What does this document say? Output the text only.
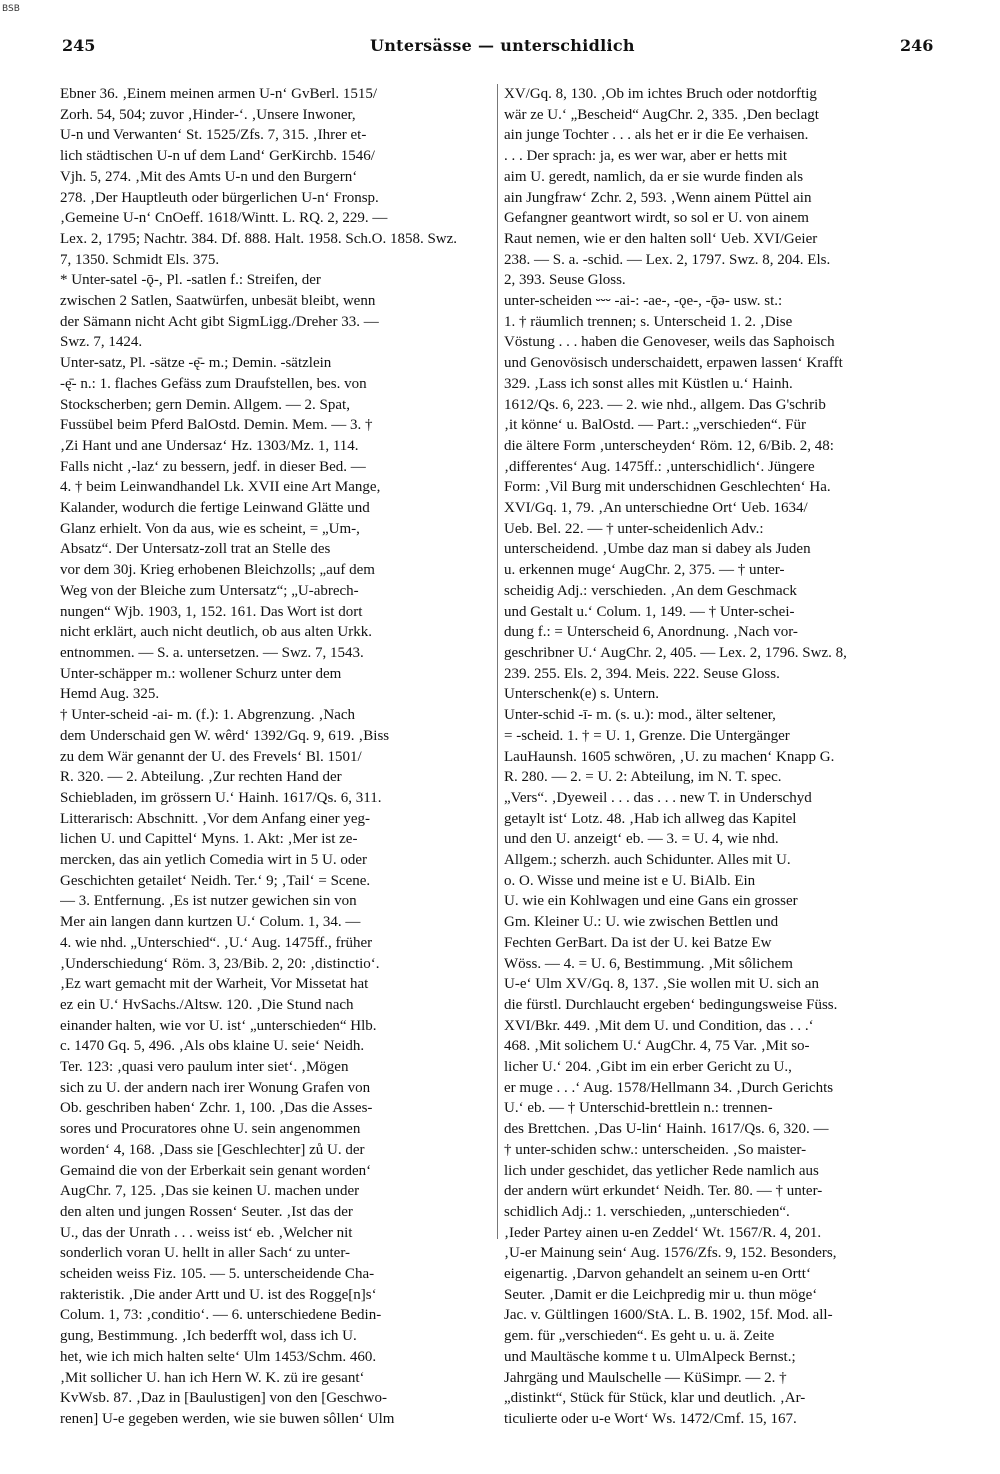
BSB
245	Untersässe — unterschidlich	246

Ebner 36. ‚Einem meinen armen U-n‘ GvBerl. 1515/
Zorh. 54, 504; zuvor ‚Hinder-‘. ‚Unsere Inwoner,
U-n und Verwanten‘ St. 1525/Zfs. 7, 315. ‚Ihrer et-
lich städtischen U-n uf dem Land‘ GerKirchb. 1546/
Vjh. 5, 274. ‚Mit des Amts U-n und den Burgern‘
278. ‚Der Hauptleuth oder bürgerlichen U-n‘ Fronsp.
‚Gemeine U-n‘ CnOeff. 1618/Wintt. L. RQ. 2, 229. —
Lex. 2, 1795; Nachtr. 384. Df. 888. Halt. 1958. Sch.O. 1858. Swz.
7, 1350. Schmidt Els. 375.
* Unter-satel -ǭ-, Pl. -satlen f.: Streifen, der
zwischen 2 Satlen, Saatwürfen, unbesät bleibt, wenn
der Sämann nicht Acht gibt SigmLigg./Dreher 33. —
Swz. 7, 1424.
Unter-satz, Pl. -sätze -ę̄- m.; Demin. -sätzlein
-ę̄- n.: 1. flaches Gefäss zum Draufstellen, bes. von
Stockscherben; gern Demin. Allgem. — 2. Spat,
Fussübel beim Pferd BalOstd. Demin. Mem. — 3. †
‚Zi Hant und ane Undersaz‘ Hz. 1303/Mz. 1, 114.
Falls nicht ‚-laz‘ zu bessern, jedf. in dieser Bed. —
4. † beim Leinwandhandel Lk. XVII eine Art Mange,
Kalander, wodurch die fertige Leinwand Glätte und
Glanz erhielt. Von da aus, wie es scheint, = „Um-,
Absatz“. Der Untersatz-zoll trat an Stelle des
vor dem 30j. Krieg erhobenen Bleichzolls; „auf dem
Weg von der Bleiche zum Untersatz“; „U-abrech-
nungen“ Wjb. 1903, 1, 152. 161. Das Wort ist dort
nicht erklärt, auch nicht deutlich, ob aus alten Urkk.
entnommen. — S. a. untersetzen. — Swz. 7, 1543.
Unter-schäpper m.: wollener Schurz unter dem
Hemd Aug. 325.
† Unter-scheid -ai- m. (f.): 1. Abgrenzung. ‚Nach
dem Underschaid gen W. wêrd‘ 1392/Gq. 9, 619. ‚Biss
zu dem Wär genannt der U. des Frevels‘ Bl. 1501/
R. 320. — 2. Abteilung. ‚Zur rechten Hand der
Schiebladen, im grössern U.‘ Hainh. 1617/Qs. 6, 311.
Litterarisch: Abschnitt. ‚Vor dem Anfang einer yeg-
lichen U. und Capittel‘ Myns. 1. Akt: ‚Mer ist ze-
mercken, das ain yetlich Comedia wirt in 5 U. oder
Geschichten getailet‘ Neidh. Ter.‘ 9; ‚Tail‘ = Scene.
— 3. Entfernung. ‚Es ist nutzer gewichen sin von
Mer ain langen dann kurtzen U.‘ Colum. 1, 34. —
4. wie nhd. „Unterschied“. ‚U.‘ Aug. 1475ff., früher
‚Underschiedung‘ Röm. 3, 23/Bib. 2, 20: ‚distinctio‘.
‚Ez wart gemacht mit der Warheit, Vor Missetat hat
ez ein U.‘ HvSachs./Altsw. 120. ‚Die Stund nach
einander halten, wie vor U. ist‘ „unterschieden“ Hlb.
c. 1470 Gq. 5, 496. ‚Als obs klaine U. seie‘ Neidh.
Ter. 123: ‚quasi vero paulum inter siet‘. ‚Mögen
sich zu U. der andern nach irer Wonung Grafen von
Ob. geschriben haben‘ Zchr. 1, 100. ‚Das die Asses-
sores und Procuratores ohne U. sein angenommen
worden‘ 4, 168. ‚Dass sie [Geschlechter] zů U. der
Gemaind die von der Erberkait sein genant worden‘
AugChr. 7, 125. ‚Das sie keinen U. machen under
den alten und jungen Rossen‘ Seuter. ‚Ist das der
U., das der Unrath . . . weiss ist‘ eb. ‚Welcher nit
sonderlich voran U. hellt in aller Sach‘ zu unter-
scheiden weiss Fiz. 105. — 5. unterscheidende Cha-
rakteristik. ‚Die ander Artt und U. ist des Rogge[n]s‘
Colum. 1, 73: ‚conditio‘. — 6. unterschiedene Bedin-
gung, Bestimmung. ‚Ich bederfft wol, dass ich U.
het, wie ich mich halten selte‘ Ulm 1453/Schm. 460.
‚Mit sollicher U. han ich Hern W. K. zü ire gesant‘
KvWsb. 87. ‚Daz in [Baulustigen] von den [Geschwo-
renen] U-e gegeben werden, wie sie buwen sôllen‘ Ulm

XV/Gq. 8, 130. ‚Ob im ichtes Bruch oder notdorftig
wär ze U.‘ „Bescheid“ AugChr. 2, 335. ‚Den beclagt
ain junge Tochter . . . als het er ir die Ee verhaisen.
. . . Der sprach: ja, es wer war, aber er hetts mit
aim U. geredt, namlich, da er sie wurde finden als
ain Jungfraw‘ Zchr. 2, 593. ‚Wenn ainem Püttel ain
Gefangner geantwort wirdt, so sol er U. von ainem
Raut nemen, wie er den halten soll‘ Ueb. XVI/Geier
238. — S. a. -schid. — Lex. 2, 1797. Swz. 8, 204. Els.
2, 393. Seuse Gloss.
unter-scheiden ⏑⏑⏑ -ai-: -ae-, -ǫe-, -ǭə- usw. st.:
1. † räumlich trennen; s. Unterscheid 1. 2. ‚Dise
Vöstung . . . haben die Genoveser, weils das Saphoisch
und Genovösisch underschaidett, erpawen lassen‘ Krafft
329. ‚Lass ich sonst alles mit Küstlen u.‘ Hainh.
1612/Qs. 6, 223. — 2. wie nhd., allgem. Das G'schrib
‚it könne‘ u. BalOstd. — Part.: „verschieden“. Für
die ältere Form ‚unterscheyden‘ Röm. 12, 6/Bib. 2, 48:
‚differentes‘ Aug. 1475ff.: ‚unterschidlich‘. Jüngere
Form: ‚Vil Burg mit underschidnen Geschlechten‘ Ha.
XVI/Gq. 1, 79. ‚An unterschiedne Ort‘ Ueb. 1634/
Ueb. Bel. 22. — † unter-scheidenlich Adv.:
unterscheidend. ‚Umbe daz man si dabey als Juden
u. erkennen muge‘ AugChr. 2, 375. — † unter-
scheidig Adj.: verschieden. ‚An dem Geschmack
und Gestalt u.‘ Colum. 1, 149. — † Unter-schei-
dung f.: = Unterscheid 6, Anordnung. ‚Nach vor-
geschribner U.‘ AugChr. 2, 405. — Lex. 2, 1796. Swz. 8,
239. 255. Els. 2, 394. Meis. 222. Seuse Gloss.
Unterschenk(e) s. Untern.
Unter-schid -ī- m. (s. u.): mod., älter seltener,
= -scheid. 1. † = U. 1, Grenze. Die Untergänger
LauHaunsh. 1605 schwören, ‚U. zu machen‘ Knapp G.
R. 280. — 2. = U. 2: Abteilung, im N. T. spec.
„Vers“. ‚Dyeweil . . . das . . . new T. in Underschyd
getaylt ist‘ Lotz. 48. ‚Hab ich allweg das Kapitel
und den U. anzeigt‘ eb. — 3. = U. 4, wie nhd.
Allgem.; scherzh. auch Schidunter. Alles mit U.
o. O. Wisse und meine ist e U. BiAlb. Ein
U. wie ein Kohlwagen und eine Gans ein grosser
Gm. Kleiner U.: U. wie zwischen Bettlen und
Fechten GerBart. Da ist der U. kei Batze Ew
Wöss. — 4. = U. 6, Bestimmung. ‚Mit sôlichem
U-e‘ Ulm XV/Gq. 8, 137. ‚Sie wollen mit U. sich an
die fürstl. Durchlaucht ergeben‘ bedingungsweise Füss.
XVI/Bkr. 449. ‚Mit dem U. und Condition, das . . .‘
468. ‚Mit solichem U.‘ AugChr. 4, 75 Var. ‚Mit so-
licher U.‘ 204. ‚Gibt im ein erber Gericht zu U.,
er muge . . .‘ Aug. 1578/Hellmann 34. ‚Durch Gerichts
U.‘ eb. — † Unterschid-brettlein n.: trennen-
des Brettchen. ‚Das U-lin‘ Hainh. 1617/Qs. 6, 320. —
† unter-schiden schw.: unterscheiden. ‚So maister-
lich under geschidet, das yetlicher Rede namlich aus
der andern würt erkundet‘ Neidh. Ter. 80. — † unter-
schidlich Adj.: 1. verschieden, „unterschieden“.
‚Ieder Partey ainen u-en Zeddel‘ Wt. 1567/R. 4, 201.
‚U-er Mainung sein‘ Aug. 1576/Zfs. 9, 152. Besonders,
eigenartig. ‚Darvon gehandelt an seinem u-en Ortt‘
Seuter. ‚Damit er die Leichpredig mir u. thun möge‘
Jac. v. Gültlingen 1600/StA. L. B. 1902, 15f. Mod. all-
gem. für „verschieden“. Es geht u. u. ä. Zeite
und Maultäsche komme t u. UlmAlpeck Bernst.;
Jahrgäng und Maulschelle — KüSimpr. — 2. †
„distinkt“, Stück für Stück, klar und deutlich. ‚Ar-
ticulierte oder u-e Wort‘ Ws. 1472/Cmf. 15, 167.
